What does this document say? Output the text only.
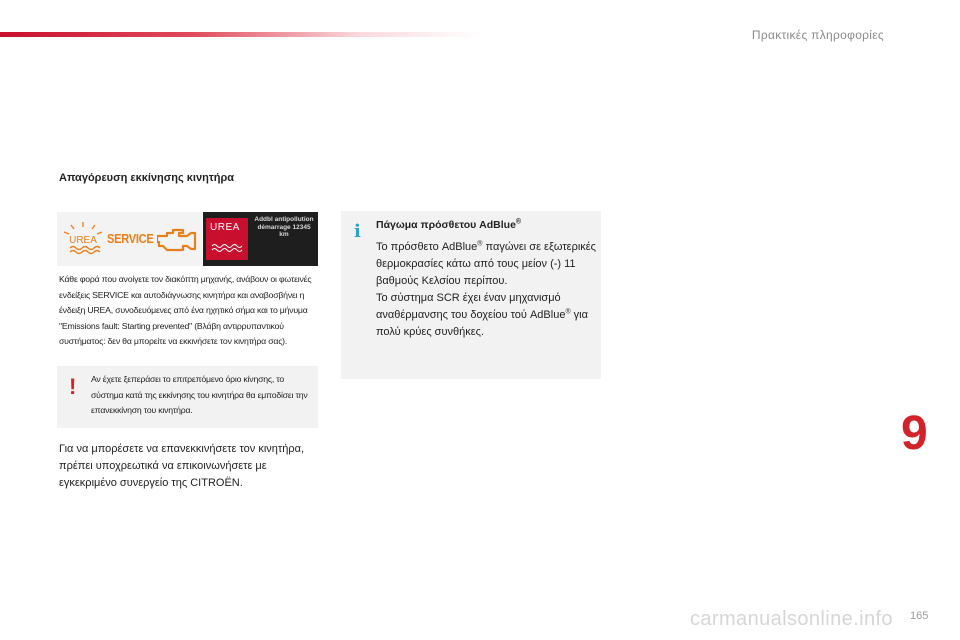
Πρακτικές πληροφορίες
Απαγόρευση εκκίνησης κινητήρα
UREA SERVICE
UREA
Addbl antipollution démarrage 12345 km
Κάθε φορά που ανοίγετε τον διακόπτη μηχανής, ανάβουν οι φωτεινές ενδείξεις SERVICE και αυτοδιάγνωσης κινητήρα και αναβοσβήνει η ένδειξη UREA, συνοδευόμενες από ένα ηχητικό σήμα και το μήνυμα "Emissions fault: Starting prevented" (Βλάβη αντιρρυπαντικού συστήματος: δεν θα μπορείτε να εκκινήσετε τον κινητήρα σας).
! Αν έχετε ξεπεράσει το επιτρεπόμενο όριο κίνησης, το σύστημα κατά της εκκίνησης του κινητήρα θα εμποδίσει την επανεκκίνηση του κινητήρα.
Για να μπορέσετε να επανεκκινήσετε τον κινητήρα, πρέπει υποχρεωτικά να επικοινωνήσετε με εγκεκριμένο συνεργείο της CITROËN.
i Πάγωμα πρόσθετου AdBlue®

Το πρόσθετο AdBlue® παγώνει σε εξωτερικές θερμοκρασίες κάτω από τους μείον (-) 11 βαθμούς Κελσίου περίπου.

Το σύστημα SCR έχει έναν μηχανισμό αναθέρμανσης του δοχείου τού AdBlue® για πολύ κρύες συνθήκες.

9
carmanualsonline.info 165
